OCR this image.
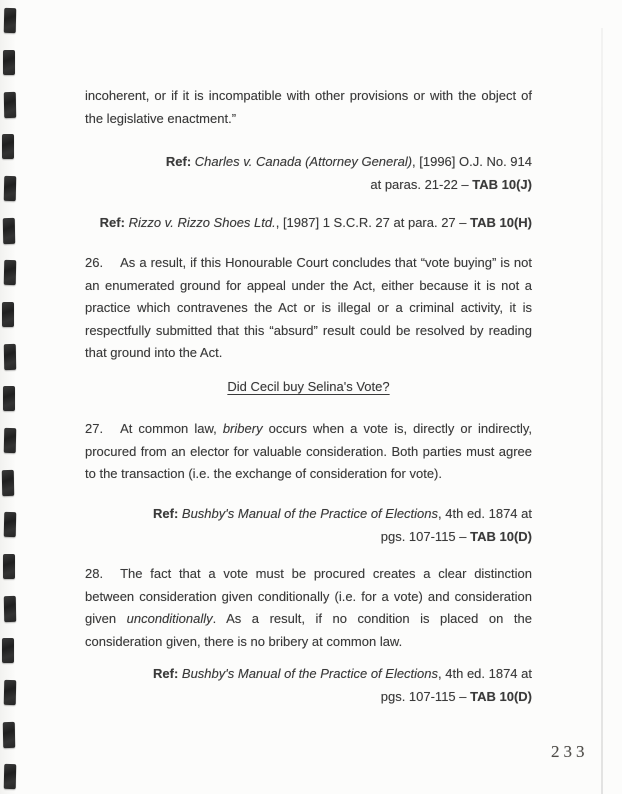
incoherent, or if it is incompatible with other provisions or with the object of the legislative enactment.”
Ref: Charles v. Canada (Attorney General), [1996] O.J. No. 914
at paras. 21-22 – TAB 10(J)
Ref: Rizzo v. Rizzo Shoes Ltd., [1987] 1 S.C.R. 27 at para. 27 – TAB 10(H)
26. As a result, if this Honourable Court concludes that “vote buying” is not an enumerated ground for appeal under the Act, either because it is not a practice which contravenes the Act or is illegal or a criminal activity, it is respectfully submitted that this “absurd” result could be resolved by reading that ground into the Act.
Did Cecil buy Selina's Vote?
27. At common law, bribery occurs when a vote is, directly or indirectly, procured from an elector for valuable consideration. Both parties must agree to the transaction (i.e. the exchange of consideration for vote).
Ref: Bushby's Manual of the Practice of Elections, 4th ed. 1874 at
pgs. 107-115 – TAB 10(D)
28. The fact that a vote must be procured creates a clear distinction between consideration given conditionally (i.e. for a vote) and consideration given unconditionally. As a result, if no condition is placed on the consideration given, there is no bribery at common law.
Ref: Bushby's Manual of the Practice of Elections, 4th ed. 1874 at
pgs. 107-115 – TAB 10(D)
233
